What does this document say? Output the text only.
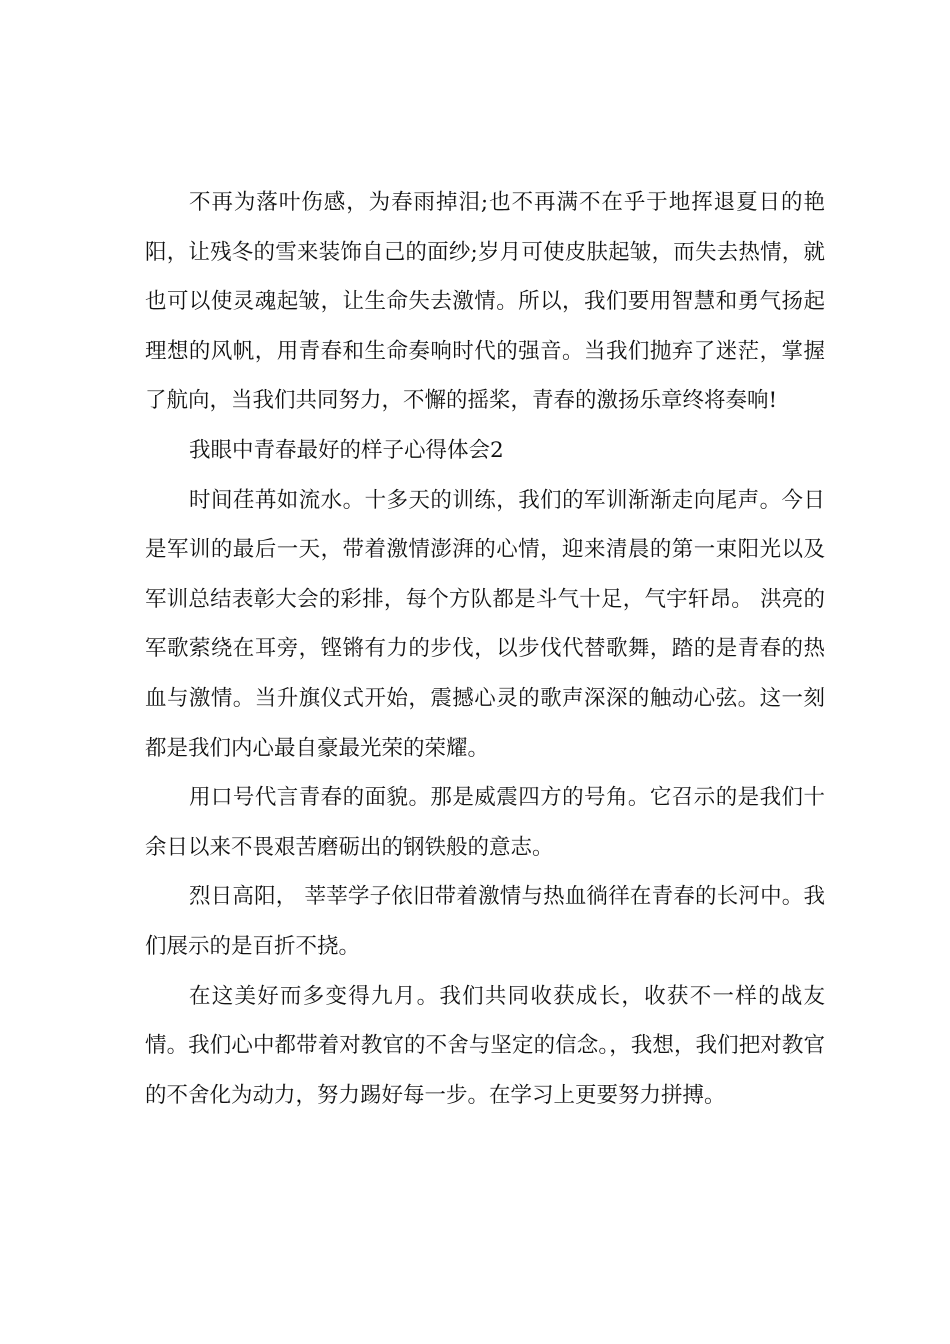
不再为落叶伤感，为春雨掉泪;也不再满不在乎于地挥退夏日的艳阳，让残冬的雪来装饰自己的面纱;岁月可使皮肤起皱，而失去热情，就也可以使灵魂起皱，让生命失去激情。所以，我们要用智慧和勇气扬起理想的风帆，用青春和生命奏响时代的强音。当我们抛弃了迷茫，掌握了航向，当我们共同努力，不懈的摇桨，青春的激扬乐章终将奏响!

我眼中青春最好的样子心得体会2

时间荏苒如流水。十多天的训练，我们的军训渐渐走向尾声。今日是军训的最后一天，带着激情澎湃的心情，迎来清晨的第一束阳光以及军训总结表彰大会的彩排，每个方队都是斗气十足，气宇轩昂。 洪亮的军歌萦绕在耳旁，铿锵有力的步伐，以步伐代替歌舞，踏的是青春的热血与激情。当升旗仪式开始，震撼心灵的歌声深深的触动心弦。这一刻都是我们内心最自豪最光荣的荣耀。

用口号代言青春的面貌。那是威震四方的号角。它召示的是我们十余日以来不畏艰苦磨砺出的钢铁般的意志。

烈日高阳， 莘莘学子依旧带着激情与热血徜徉在青春的长河中。我们展示的是百折不挠。

在这美好而多变得九月。我们共同收获成长，收获不一样的战友情。我们心中都带着对教官的不舍与坚定的信念。，我想，我们把对教官的不舍化为动力，努力踢好每一步。在学习上更要努力拼搏。
